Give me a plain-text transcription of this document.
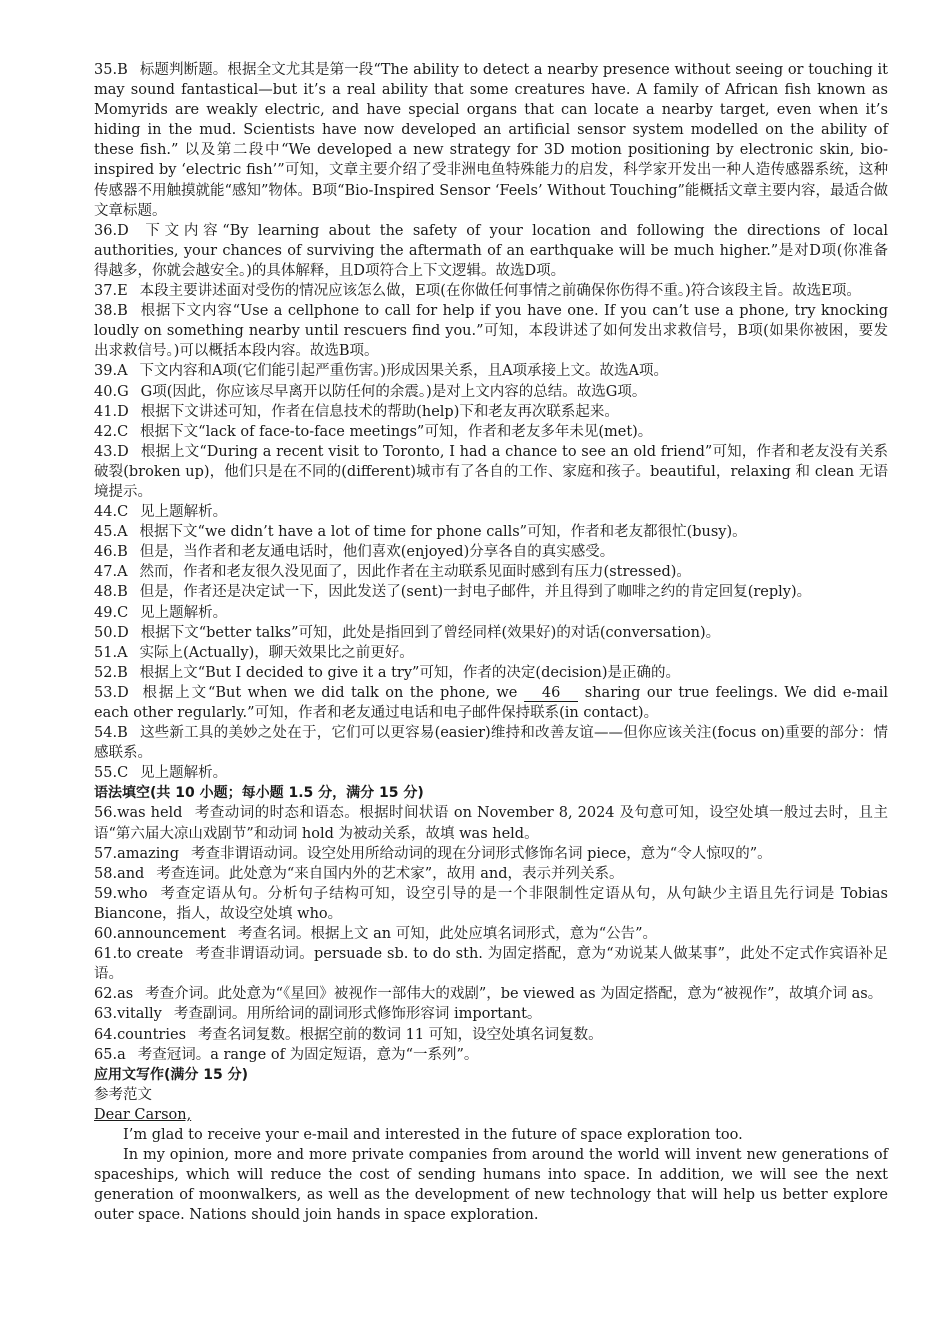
35.B 标题判断题。根据全文尤其是第一段“The ability to detect a nearby presence without seeing or touching it may sound fantastical—but it’s a real ability that some creatures have. A family of African fish known as Momyrids are weakly electric, and have special organs that can locate a nearby target, even when it’s hiding in the mud. Scientists have now developed an artificial sensor system modelled on the ability of these fish.” 以及第二段中“We developed a new strategy for 3D motion positioning by electronic skin, bio-inspired by ‘electric fish’”可知，文章主要介绍了受非洲电鱼特殊能力的启发，科学家开发出一种人造传感器系统，这种传感器不用触摸就能“感知”物体。B项“Bio-Inspired Sensor ‘Feels’ Without Touching”能概括文章主要内容，最适合做文章标题。
36.D 下文内容“By learning about the safety of your location and following the directions of local authorities, your chances of surviving the aftermath of an earthquake will be much higher.”是对D项(你准备得越多，你就会越安全。)的具体解释，且D项符合上下文逻辑。故选D项。
37.E 本段主要讲述面对受伤的情况应该怎么做，E项(在你做任何事情之前确保你伤得不重。)符合该段主旨。故选E项。
38.B 根据下文内容“Use a cellphone to call for help if you have one. If you can’t use a phone, try knocking loudly on something nearby until rescuers find you.”可知，本段讲述了如何发出求救信号，B项(如果你被困，要发出求救信号。)可以概括本段内容。故选B项。
39.A 下文内容和A项(它们能引起严重伤害。)形成因果关系，且A项承接上文。故选A项。
40.G G项(因此，你应该尽早离开以防任何的余震。)是对上文内容的总结。故选G项。
41.D 根据下文讲述可知，作者在信息技术的帮助(help)下和老友再次联系起来。
42.C 根据下文“lack of face-to-face meetings”可知，作者和老友多年未见(met)。
43.D 根据上文“During a recent visit to Toronto, I had a chance to see an old friend”可知，作者和老友没有关系破裂(broken up)，他们只是在不同的(different)城市有了各自的工作、家庭和孩子。beautiful，relaxing 和 clean 无语境提示。
44.C 见上题解析。
45.A 根据下文“we didn’t have a lot of time for phone calls”可知，作者和老友都很忙(busy)。
46.B 但是，当作者和老友通电话时，他们喜欢(enjoyed)分享各自的真实感受。
47.A 然而，作者和老友很久没见面了，因此作者在主动联系见面时感到有压力(stressed)。
48.B 但是，作者还是决定试一下，因此发送了(sent)一封电子邮件，并且得到了咖啡之约的肯定回复(reply)。
49.C 见上题解析。
50.D 根据下文“better talks”可知，此处是指回到了曾经同样(效果好)的对话(conversation)。
51.A 实际上(Actually)，聊天效果比之前更好。
52.B 根据上文“But I decided to give it a try”可知，作者的决定(decision)是正确的。
53.D 根据上文“But when we did talk on the phone, we 46 sharing our true feelings. We did e-mail each other regularly.”可知，作者和老友通过电话和电子邮件保持联系(in contact)。
54.B 这些新工具的美妙之处在于，它们可以更容易(easier)维持和改善友谊——但你应该关注(focus on)重要的部分：情感联系。
55.C 见上题解析。
语法填空(共 10 小题；每小题 1.5 分，满分 15 分)
56.was held 考查动词的时态和语态。根据时间状语 on November 8, 2024 及句意可知，设空处填一般过去时，且主语“第六届大凉山戏剧节”和动词 hold 为被动关系，故填 was held。
57.amazing 考查非谓语动词。设空处用所给动词的现在分词形式修饰名词 piece，意为“令人惊叹的”。
58.and 考查连词。此处意为“来自国内外的艺术家”，故用 and，表示并列关系。
59.who 考查定语从句。分析句子结构可知，设空引导的是一个非限制性定语从句，从句缺少主语且先行词是 Tobias Biancone，指人，故设空处填 who。
60.announcement 考查名词。根据上文 an 可知，此处应填名词形式，意为“公告”。
61.to create 考查非谓语动词。persuade sb. to do sth. 为固定搭配，意为“劝说某人做某事”，此处不定式作宾语补足语。
62.as 考查介词。此处意为“《星回》被视作一部伟大的戏剧”，be viewed as 为固定搭配，意为“被视作”，故填介词 as。
63.vitally 考查副词。用所给词的副词形式修饰形容词 important。
64.countries 考查名词复数。根据空前的数词 11 可知，设空处填名词复数。
65.a 考查冠词。a range of 为固定短语，意为“一系列”。
应用文写作(满分 15 分)
参考范文
Dear Carson,
I’m glad to receive your e-mail and interested in the future of space exploration too.
In my opinion, more and more private companies from around the world will invent new generations of spaceships, which will reduce the cost of sending humans into space. In addition, we will see the next generation of moonwalkers, as well as the development of new technology that will help us better explore outer space. Nations should join hands in space exploration.
